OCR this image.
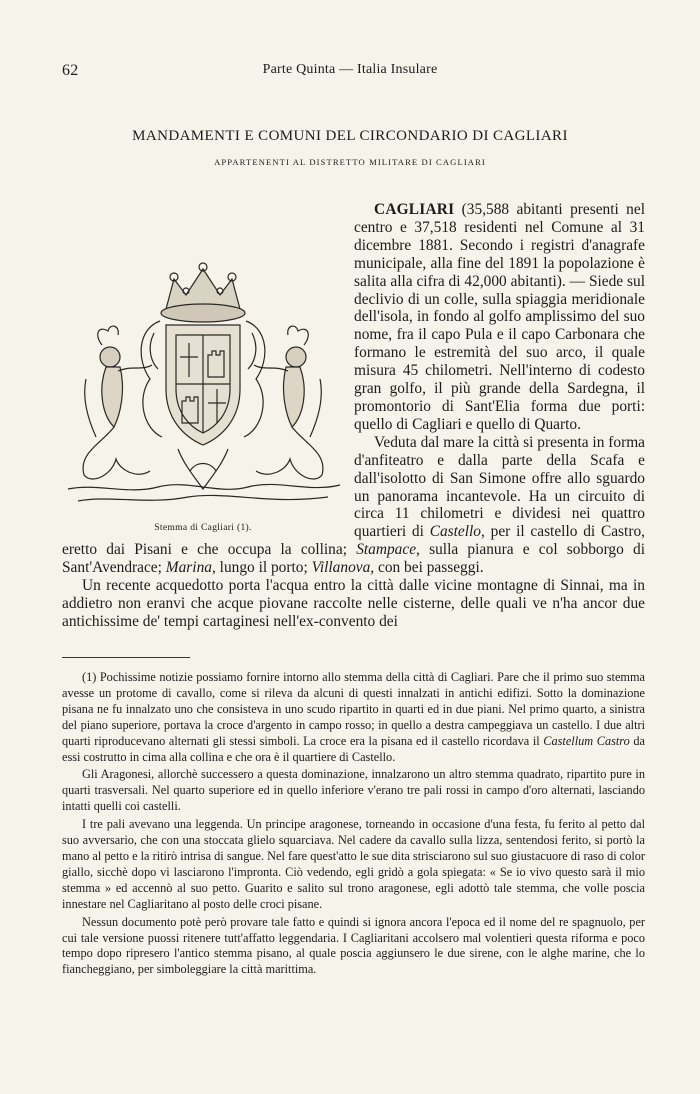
62	Parte Quinta — Italia Insulare
MANDAMENTI E COMUNI DEL CIRCONDARIO DI CAGLIARI
APPARTENENTI AL DISTRETTO MILITARE DI CAGLIARI
Stemma di Cagliari (1).

CAGLIARI (35,588 abitanti presenti nel centro e 37,518 residenti nel Comune al 31 dicembre 1881. Secondo i registri d'anagrafe municipale, alla fine del 1891 la popolazione è salita alla cifra di 42,000 abitanti). — Siede sul declivio di un colle, sulla spiaggia meridionale dell'isola, in fondo al golfo amplissimo del suo nome, fra il capo Pula e il capo Carbonara che formano le estremità del suo arco, il quale misura 45 chilometri. Nell'interno di codesto gran golfo, il più grande della Sardegna, il promontorio di Sant'Elia forma due porti: quello di Cagliari e quello di Quarto.

Veduta dal mare la città si presenta in forma d'anfiteatro e dalla parte della Scafa e dall'isolotto di San Simone offre allo sguardo un panorama incantevole. Ha un circuito di circa 11 chilometri e dividesi nei quattro quartieri di Castello, per il castello di Castro, eretto dai Pisani e che occupa la collina; Stampace, sulla pianura e col sobborgo di Sant'Avendrace; Marina, lungo il porto; Villanova, con bei passeggi.

Un recente acquedotto porta l'acqua entro la città dalle vicine montagne di Sinnai, ma in addietro non eranvi che acque piovane raccolte nelle cisterne, delle quali ve n'ha ancor due antichissime de' tempi cartaginesi nell'ex-convento dei

(1) Pochissime notizie possiamo fornire intorno allo stemma della città di Cagliari. Pare che il primo suo stemma avesse un protome di cavallo, come si rileva da alcuni di questi innalzati in antichi edifizi. Sotto la dominazione pisana ne fu innalzato uno che consisteva in uno scudo ripartito in quarti ed in due piani. Nel primo quarto, a sinistra del piano superiore, portava la croce d'argento in campo rosso; in quello a destra campeggiava un castello. I due altri quarti riproducevano alternati gli stessi simboli. La croce era la pisana ed il castello ricordava il Castellum Castro da essi costrutto in cima alla collina e che ora è il quartiere di Castello.

Gli Aragonesi, allorchè successero a questa dominazione, innalzarono un altro stemma quadrato, ripartito pure in quarti trasversali. Nel quarto superiore ed in quello inferiore v'erano tre pali rossi in campo d'oro alternati, lasciando intatti quelli coi castelli.

I tre pali avevano una leggenda. Un principe aragonese, torneando in occasione d'una festa, fu ferito al petto dal suo avversario, che con una stoccata glielo squarciava. Nel cadere da cavallo sulla lizza, sentendosi ferito, si portò la mano al petto e la ritirò intrisa di sangue. Nel fare quest'atto le sue dita strisciarono sul suo giustacuore di raso di color giallo, sicchè dopo vi lasciarono l'impronta. Ciò vedendo, egli gridò a gola spiegata: « Se io vivo questo sarà il mio stemma » ed accennò al suo petto. Guarito e salito sul trono aragonese, egli adottò tale stemma, che volle poscia innestare nel Cagliaritano al posto delle croci pisane.

Nessun documento potè però provare tale fatto e quindi si ignora ancora l'epoca ed il nome del re spagnuolo, per cui tale versione puossi ritenere tutt'affatto leggendaria. I Cagliaritani accolsero mal volentieri questa riforma e poco tempo dopo ripresero l'antico stemma pisano, al quale poscia aggiunsero le due sirene, con le alghe marine, che lo fiancheggiano, per simboleggiare la città marittima.
